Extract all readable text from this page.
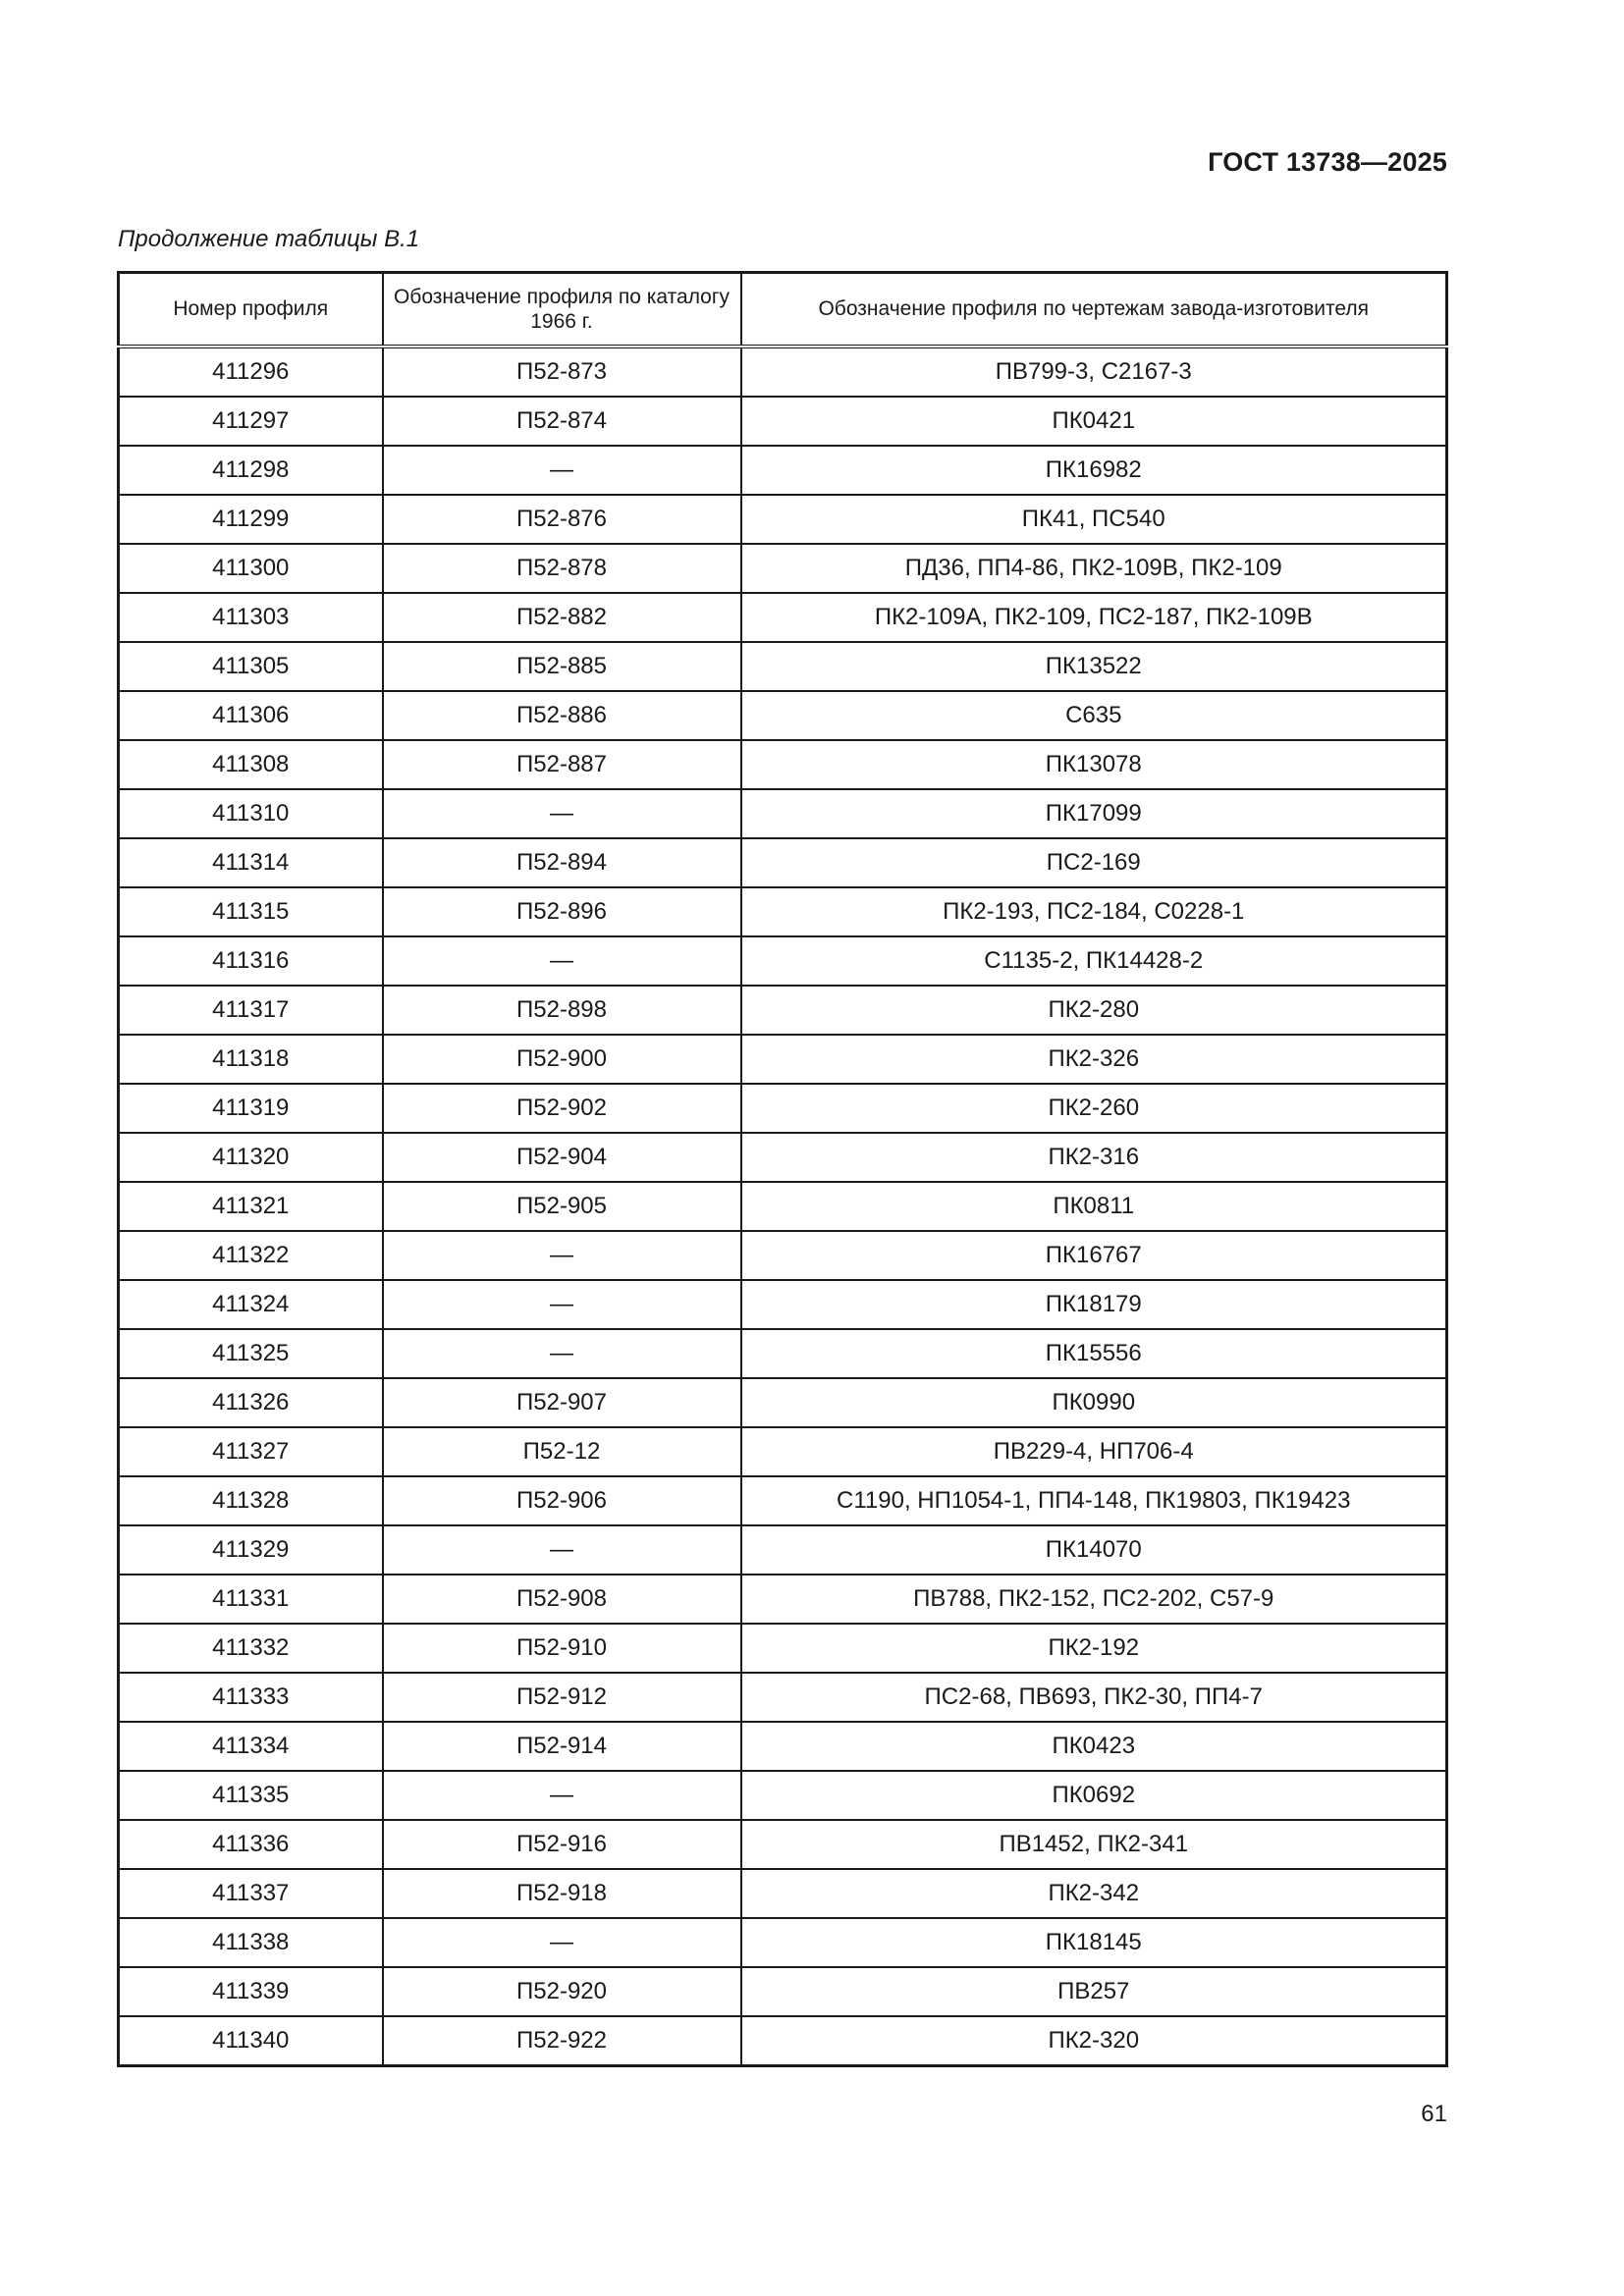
ГОСТ 13738—2025
Продолжение таблицы В.1
Номер профиля	Обозначение профиля по каталогу 1966 г.	Обозначение профиля по чертежам завода-изготовителя
411296	П52-873	ПВ799-3, С2167-3
411297	П52-874	ПК0421
411298	—	ПК16982
411299	П52-876	ПК41, ПС540
411300	П52-878	ПД36, ПП4-86, ПК2-109В, ПК2-109
411303	П52-882	ПК2-109А, ПК2-109, ПС2-187, ПК2-109В
411305	П52-885	ПК13522
411306	П52-886	С635
411308	П52-887	ПК13078
411310	—	ПК17099
411314	П52-894	ПС2-169
411315	П52-896	ПК2-193, ПС2-184, С0228-1
411316	—	С1135-2, ПК14428-2
411317	П52-898	ПК2-280
411318	П52-900	ПК2-326
411319	П52-902	ПК2-260
411320	П52-904	ПК2-316
411321	П52-905	ПК0811
411322	—	ПК16767
411324	—	ПК18179
411325	—	ПК15556
411326	П52-907	ПК0990
411327	П52-12	ПВ229-4, НП706-4
411328	П52-906	С1190, НП1054-1, ПП4-148, ПК19803, ПК19423
411329	—	ПК14070
411331	П52-908	ПВ788, ПК2-152, ПС2-202, С57-9
411332	П52-910	ПК2-192
411333	П52-912	ПС2-68, ПВ693, ПК2-30, ПП4-7
411334	П52-914	ПК0423
411335	—	ПК0692
411336	П52-916	ПВ1452, ПК2-341
411337	П52-918	ПК2-342
411338	—	ПК18145
411339	П52-920	ПВ257
411340	П52-922	ПК2-320
61
